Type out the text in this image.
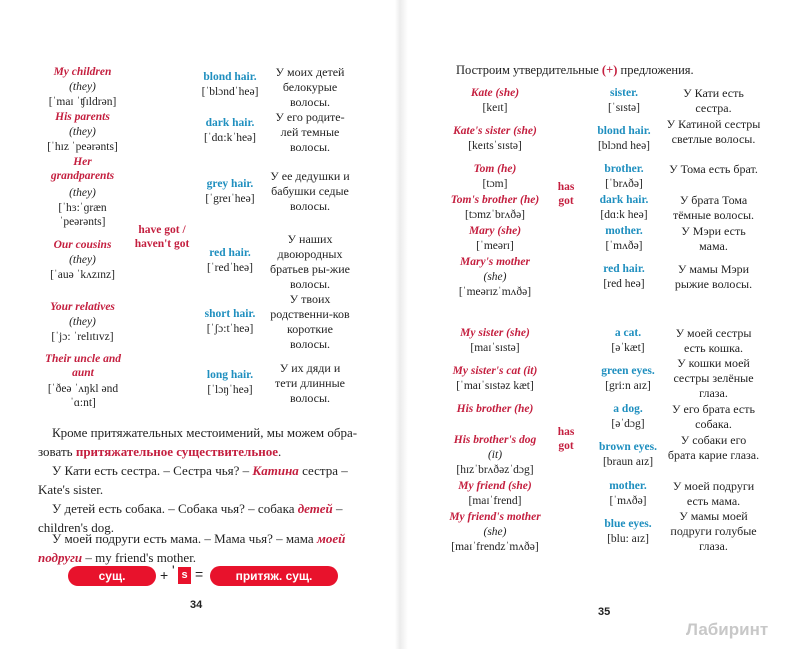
My children
(they)
[ˈmaɪ ˈʧɪldrən]
His parents
(they)
[ˈhɪz ˈpeərənts]
Her grandparents
(they)
[ˈhɜ:ˈɡræn ˈpeərənts]
Our cousins
(they)
[ˈauə ˈkʌzɪnz]
Your relatives
(they)
[ˈjɔ: ˈrelɪtɪvz]
Their uncle and aunt
[ˈðeə ˈʌŋkl ənd ˈɑ:nt]
have got / haven't got
blond hair.
[ˈblɔndˈheə]
У моих детей белокурые волосы.
dark hair.
[ˈdɑ:kˈheə]
У его родите-лей темные волосы.
grey hair.
[ˈgreɪˈheə]
У ее дедушки и бабушки седые волосы.
red hair.
[ˈredˈheə]
У наших двоюродных братьев ры-жие волосы.
short hair.
[ˈʃɔ:tˈheə]
У твоих родственни-ков короткие волосы.
long hair.
[ˈlɔŋˈheə]
У их дяди и тети длинные волосы.
Кроме притяжательных местоимений, мы можем обра-зовать притяжательное существительное.
У Кати есть сестра. – Сестра чья? – Катина сестра – Kate's sister.
У детей есть собака. – Собака чья? – собака детей – children's dog.
У моей подруги есть мама. – Мама чья? – мама моей подруги – my friend's mother.
сущ.	+ ' s =	притяж. сущ.
34
Построим утвердительные (+) предложения.
Kate (she)
[keɪt]
Kate's sister (she)
[keɪtsˈsɪstə]
Tom (he)
[tɔm]
Tom's brother (he)
[tɔmzˈbrʌðə]
Mary (she)
[ˈmeərɪ]
Mary's mother
(she)
[ˈmeərɪzˈmʌðə]
has got
sister.
[ˈsɪstə]
blond hair.
[blɔnd heə]
brother.
[ˈbrʌðə]
dark hair.
[dɑ:k heə]
mother.
[ˈmʌðə]
red hair.
[red heə]
У Кати есть сестра.
У Катиной сестры светлые волосы.
У Тома есть брат.
У брата Тома тёмные волосы.
У Мэри есть мама.
У мамы Мэри рыжие волосы.
My sister (she)
[maɪˈsɪstə]
My sister's cat (it)
[ˈmaɪˈsɪstəz kæt]
His brother (he)
His brother's dog
(it)
[hɪzˈbrʌðəzˈdɔg]
My friend (she)
[maɪˈfrend]
My friend's mother
(she)
[maɪˈfrendzˈmʌðə]
has got
a cat.
[əˈkæt]
green eyes.
[gri:n aɪz]
a dog.
[əˈdɔg]
brown eyes.
[braun aɪz]
mother.
[ˈmʌðə]
blue eyes.
[blu: aɪz]
У моей сестры есть кошка.
У кошки моей сестры зелёные глаза.
У его брата есть собака.
У собаки его брата карие глаза.
У моей подруги есть мама.
У мамы моей подруги голубые глаза.
35
Лабиринт
